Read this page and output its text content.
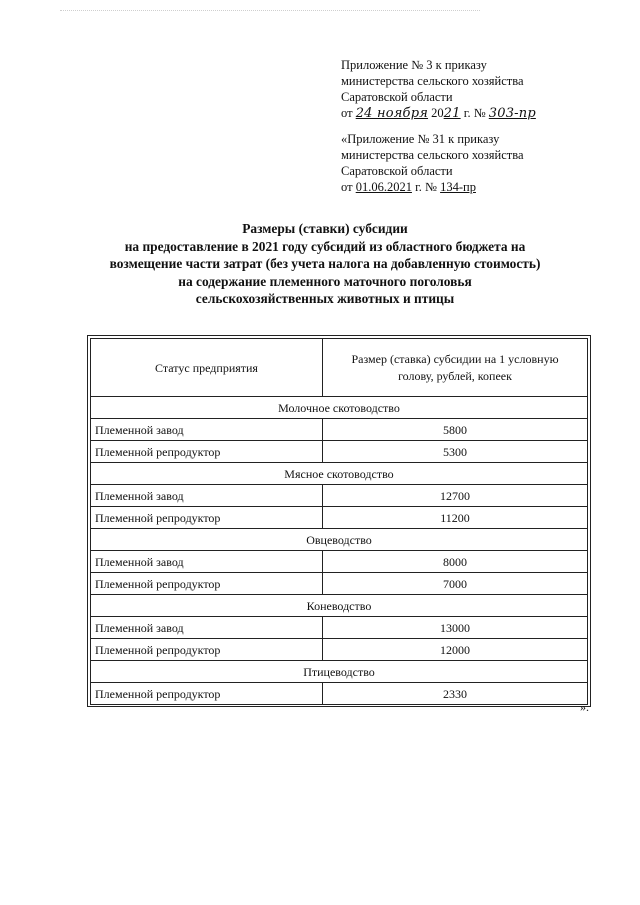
Приложение № 3 к приказу
министерства сельского хозяйства
Саратовской области
от 24 ноября 2021 г. № 303-пр
«Приложение № 31 к приказу
министерства сельского хозяйства
Саратовской области
от 01.06.2021 г. № 134-пр
Размеры (ставки) субсидии
на предоставление в 2021 году субсидий из областного бюджета на
возмещение части затрат (без учета налога на добавленную стоимость)
на содержание племенного маточного поголовья
сельскохозяйственных животных и птицы
Статус предприятия	Размер (ставка) субсидии на 1 условную
голову, рублей, копеек
Молочное скотоводство	
Племенной завод	5800
Племенной репродуктор	5300
Мясное скотоводство	
Племенной завод	12700
Племенной репродуктор	11200
Овцеводство	
Племенной завод	8000
Племенной репродуктор	7000
Коневодство	
Племенной завод	13000
Племенной репродуктор	12000
Птицеводство	
Племенной репродуктор	2330
».
